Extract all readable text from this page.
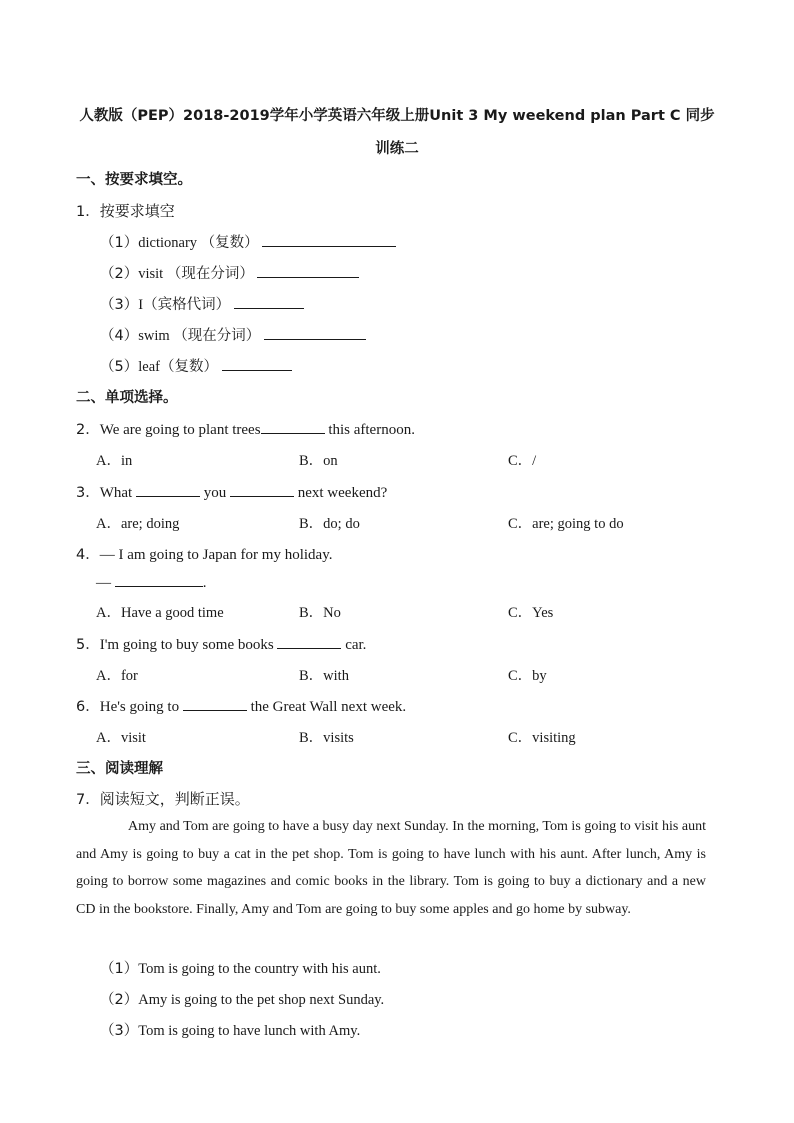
人教版（PEP）2018-2019学年小学英语六年级上册Unit 3 My weekend plan Part C 同步
训练二
一、按要求填空。
1．按要求填空
（1）dictionary （复数）
（2）visit （现在分词）
（3）I（宾格代词）
（4）swim （现在分词）
（5）leaf（复数）
二、单项选择。
2．We are going to plant trees	this afternoon.
A．in	B．on	C．/
3．What	you	next weekend?
A．are; doing	B．do; do	C．are; going to do
4．— I am going to Japan for my holiday.
—	.
A．Have a good time	B．No	C．Yes
5．I'm going to buy some books	car.
A．for	B．with	C．by
6．He's going to	the Great Wall next week.
A．visit	B．visits	C．visiting
三、阅读理解
7．阅读短文，判断正误。
Amy and Tom are going to have a busy day next Sunday. In the morning, Tom is going to visit his aunt and Amy is going to buy a cat in the pet shop. Tom is going to have lunch with his aunt. After lunch, Amy is going to borrow some magazines and comic books in the library. Tom is going to buy a dictionary and a new CD in the bookstore. Finally, Amy and Tom are going to buy some apples and go home by subway.
（1）Tom is going to the country with his aunt.
（2）Amy is going to the pet shop next Sunday.
（3）Tom is going to have lunch with Amy.
